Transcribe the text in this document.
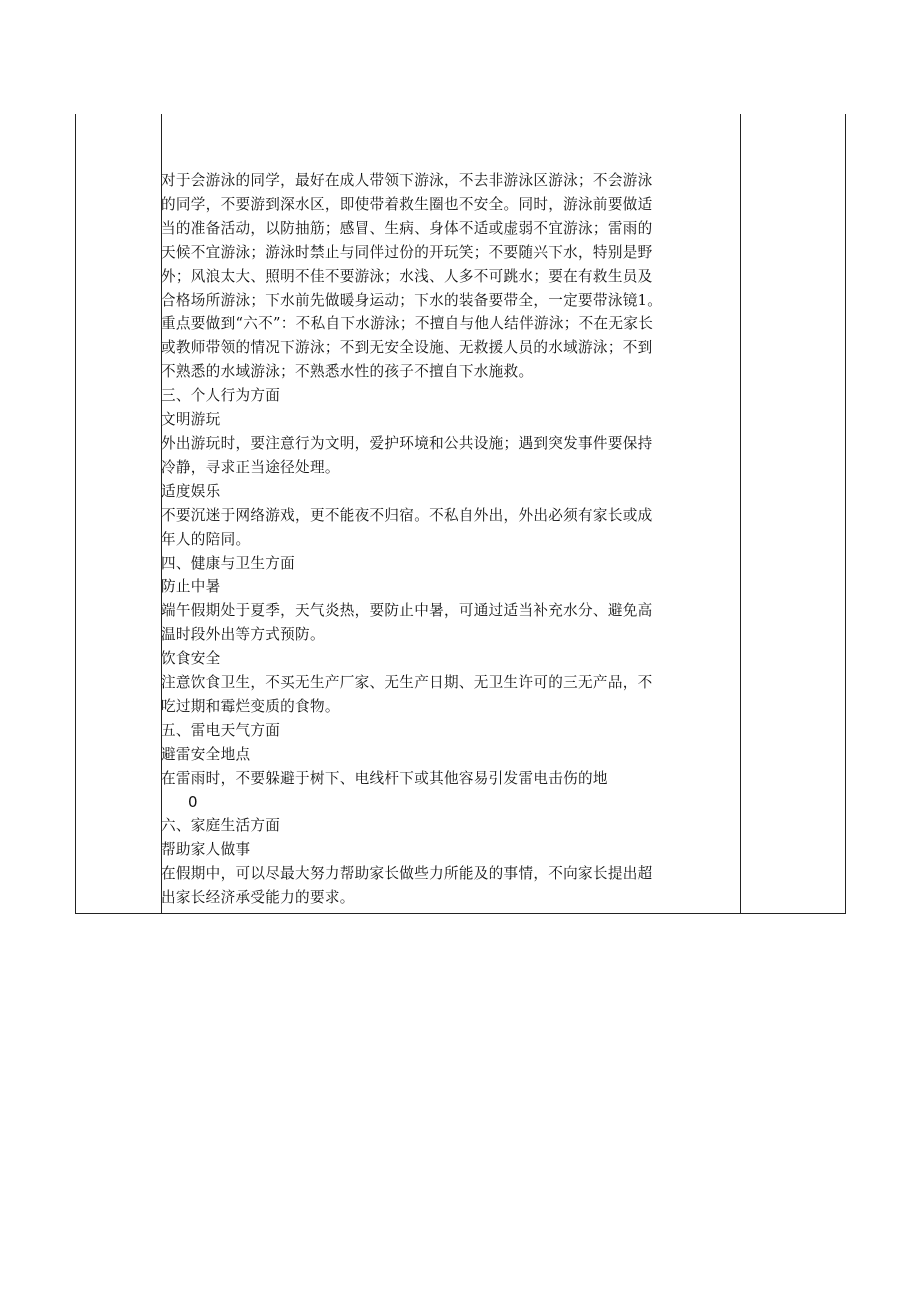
对于会游泳的同学，最好在成人带领下游泳，不去非游泳区游泳；不会游泳

的同学，不要游到深水区，即使带着救生圈也不安全。同时，游泳前要做适

当的准备活动，以防抽筋；感冒、生病、身体不适或虚弱不宜游泳；雷雨的

天候不宜游泳；游泳时禁止与同伴过份的开玩笑；不要随兴下水，特别是野

外；风浪太大、照明不佳不要游泳；水浅、人多不可跳水；要在有救生员及

合格场所游泳；下水前先做暖身运动；下水的装备要带全，一定要带泳镜1。

重点要做到“六不”：不私自下水游泳；不擅自与他人结伴游泳；不在无家长

或教师带领的情况下游泳；不到无安全设施、无救援人员的水域游泳；不到

不熟悉的水域游泳；不熟悉水性的孩子不擅自下水施救。

三、个人行为方面

文明游玩

外出游玩时，要注意行为文明，爱护环境和公共设施；遇到突发事件要保持

冷静，寻求正当途径处理。

适度娱乐

不要沉迷于网络游戏，更不能夜不归宿。不私自外出，外出必须有家长或成

年人的陪同。

四、健康与卫生方面

防止中暑

端午假期处于夏季，天气炎热，要防止中暑，可通过适当补充水分、避免高

温时段外出等方式预防。

饮食安全

注意饮食卫生，不买无生产厂家、无生产日期、无卫生许可的三无产品，不

吃过期和霉烂变质的食物。

五、雷电天气方面

避雷安全地点

在雷雨时，不要躲避于树下、电线杆下或其他容易引发雷电击伤的地

0

六、家庭生活方面

帮助家人做事

在假期中，可以尽最大努力帮助家长做些力所能及的事情，不向家长提出超

出家长经济承受能力的要求。
